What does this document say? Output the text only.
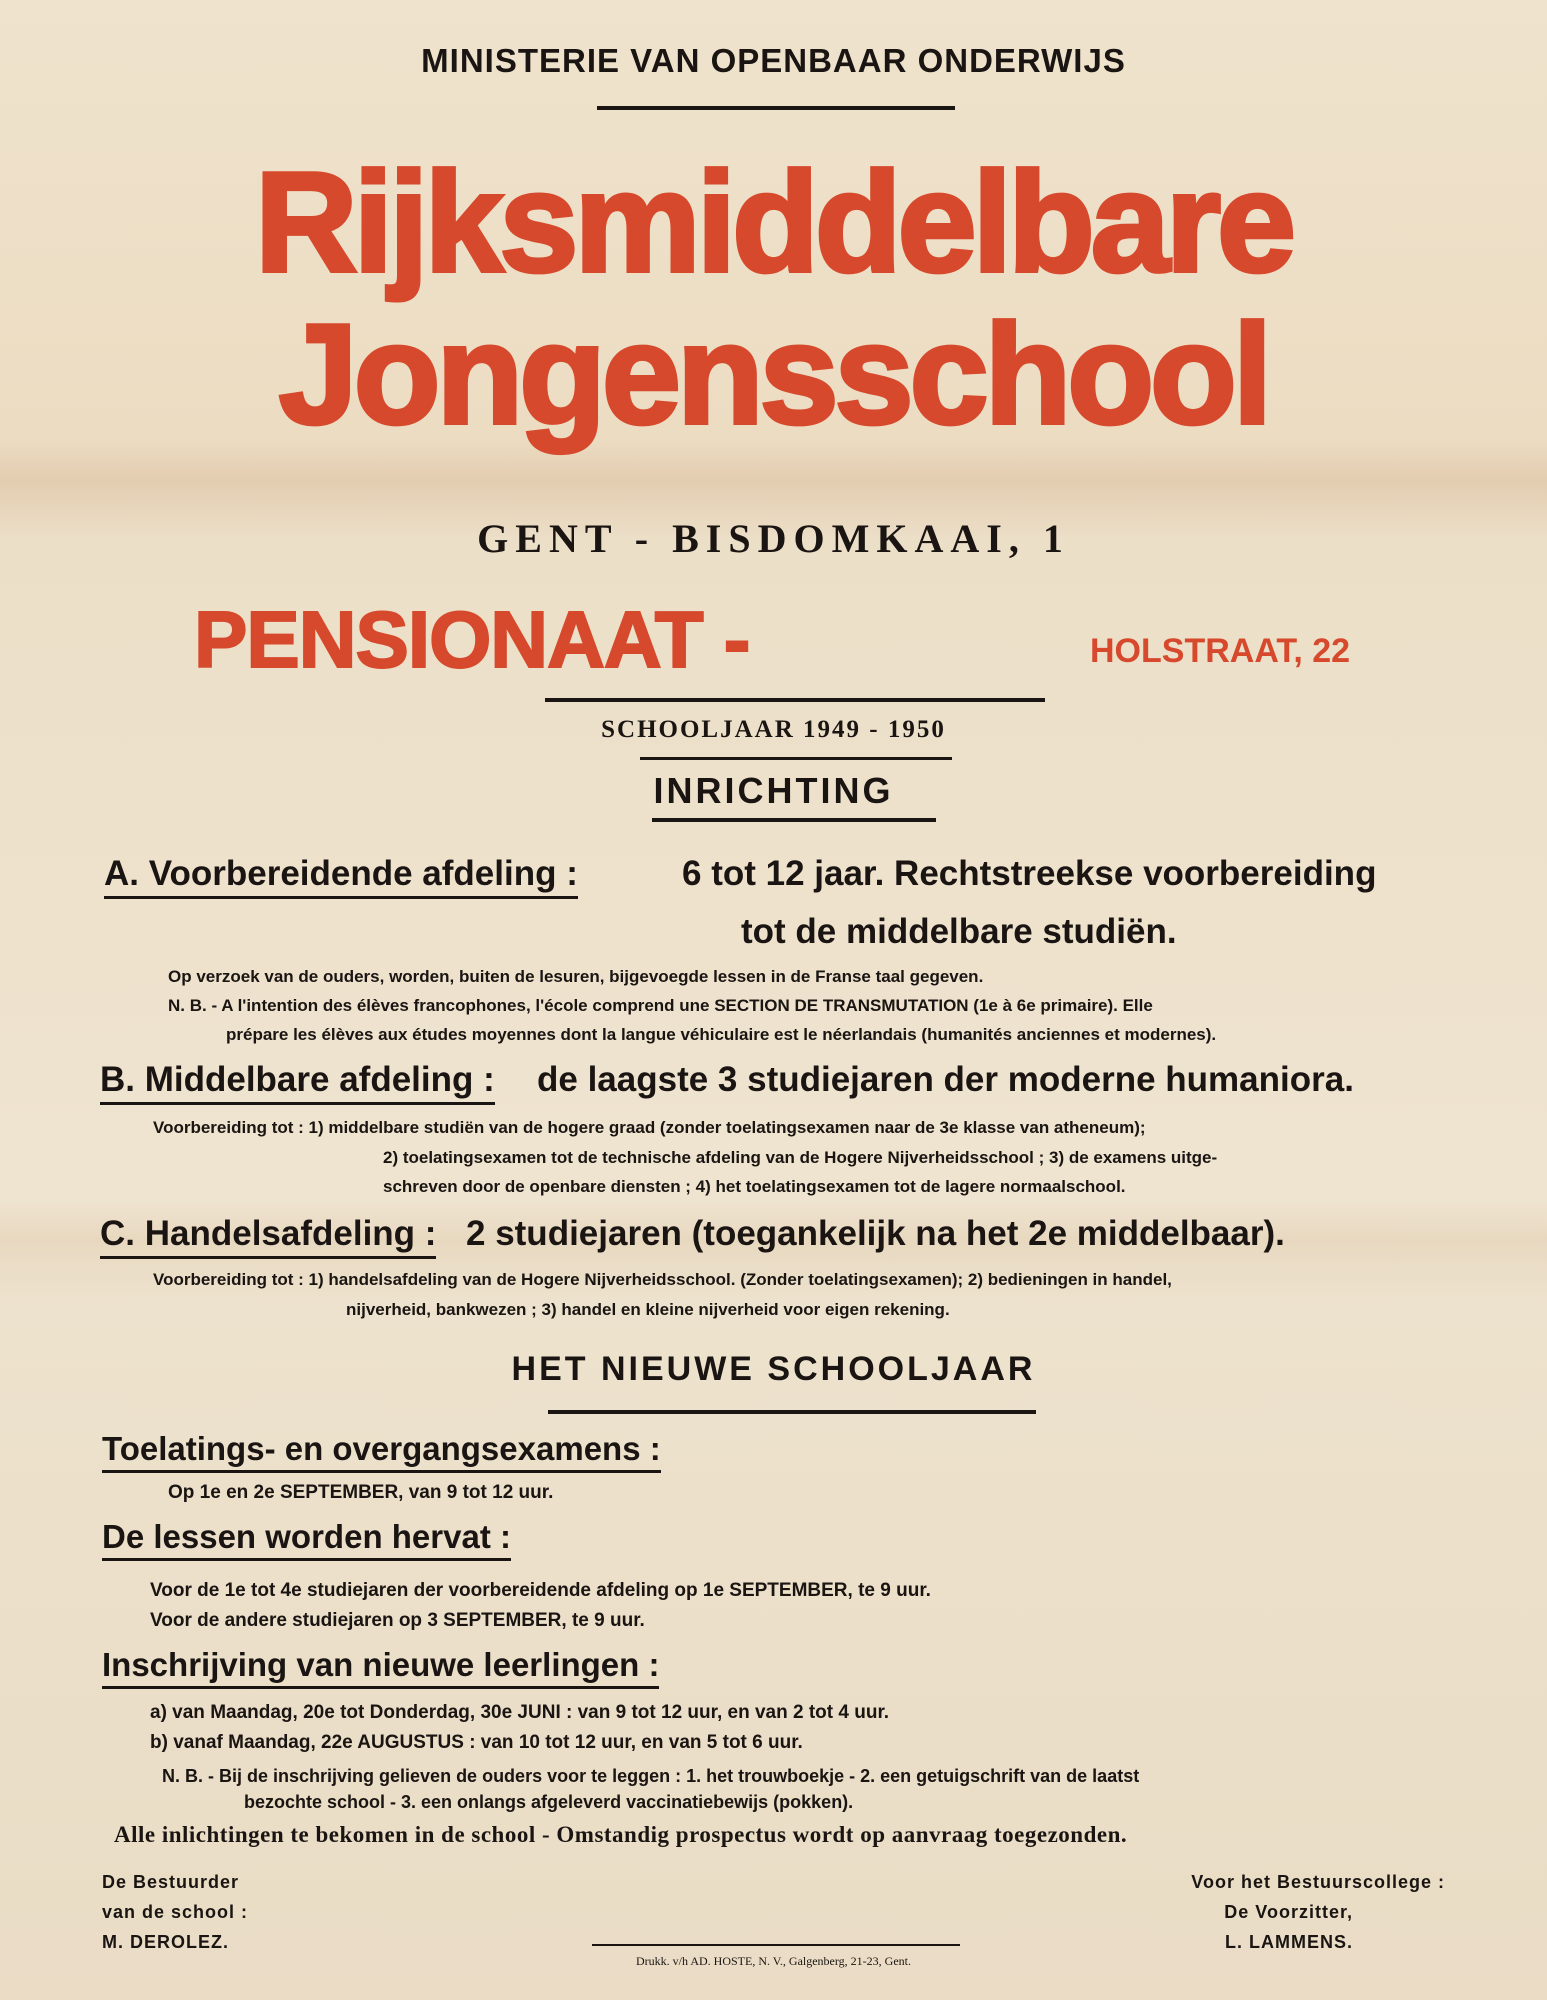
MINISTERIE VAN OPENBAAR ONDERWIJS
Rijksmiddelbare
Jongensschool
GENT - BISDOMKAAI, 1
PENSIONAAT -	HOLSTRAAT, 22
SCHOOLJAAR 1949 - 1950
INRICHTING
A. Voorbereidende afdeling :	6 tot 12 jaar. Rechtstreekse voorbereiding
tot de middelbare studiën.
Op verzoek van de ouders, worden, buiten de lesuren, bijgevoegde lessen in de Franse taal gegeven.
N. B. - A l'intention des élèves francophones, l'école comprend une SECTION DE TRANSMUTATION (1e à 6e primaire). Elle
prépare les élèves aux études moyennes dont la langue véhiculaire est le néerlandais (humanités anciennes et modernes).
B. Middelbare afdeling : de laagste 3 studiejaren der moderne humaniora.
Voorbereiding tot : 1) middelbare studiën van de hogere graad (zonder toelatingsexamen naar de 3e klasse van atheneum);
2) toelatingsexamen tot de technische afdeling van de Hogere Nijverheidsschool ; 3) de examens uitge-
schreven door de openbare diensten ; 4) het toelatingsexamen tot de lagere normaalschool.
C. Handelsafdeling : 2 studiejaren (toegankelijk na het 2e middelbaar).
Voorbereiding tot : 1) handelsafdeling van de Hogere Nijverheidsschool. (Zonder toelatingsexamen); 2) bedieningen in handel,
nijverheid, bankwezen ; 3) handel en kleine nijverheid voor eigen rekening.
HET NIEUWE SCHOOLJAAR
Toelatings- en overgangsexamens :
Op 1e en 2e SEPTEMBER, van 9 tot 12 uur.
De lessen worden hervat :
Voor de 1e tot 4e studiejaren der voorbereidende afdeling op 1e SEPTEMBER, te 9 uur.
Voor de andere studiejaren op 3 SEPTEMBER, te 9 uur.
Inschrijving van nieuwe leerlingen :
a) van Maandag, 20e tot Donderdag, 30e JUNI : van 9 tot 12 uur, en van 2 tot 4 uur.
b) vanaf Maandag, 22e AUGUSTUS : van 10 tot 12 uur, en van 5 tot 6 uur.
N. B. - Bij de inschrijving gelieven de ouders voor te leggen : 1. het trouwboekje - 2. een getuigschrift van de laatst
bezochte school - 3. een onlangs afgeleverd vaccinatiebewijs (pokken).
Alle inlichtingen te bekomen in de school - Omstandig prospectus wordt op aanvraag toegezonden.
De Bestuurder
van de school :
M. DEROLEZ.
Voor het Bestuurscollege :
De Voorzitter,
L. LAMMENS.
Drukk. v/h AD. HOSTE, N. V., Galgenberg, 21-23, Gent.
